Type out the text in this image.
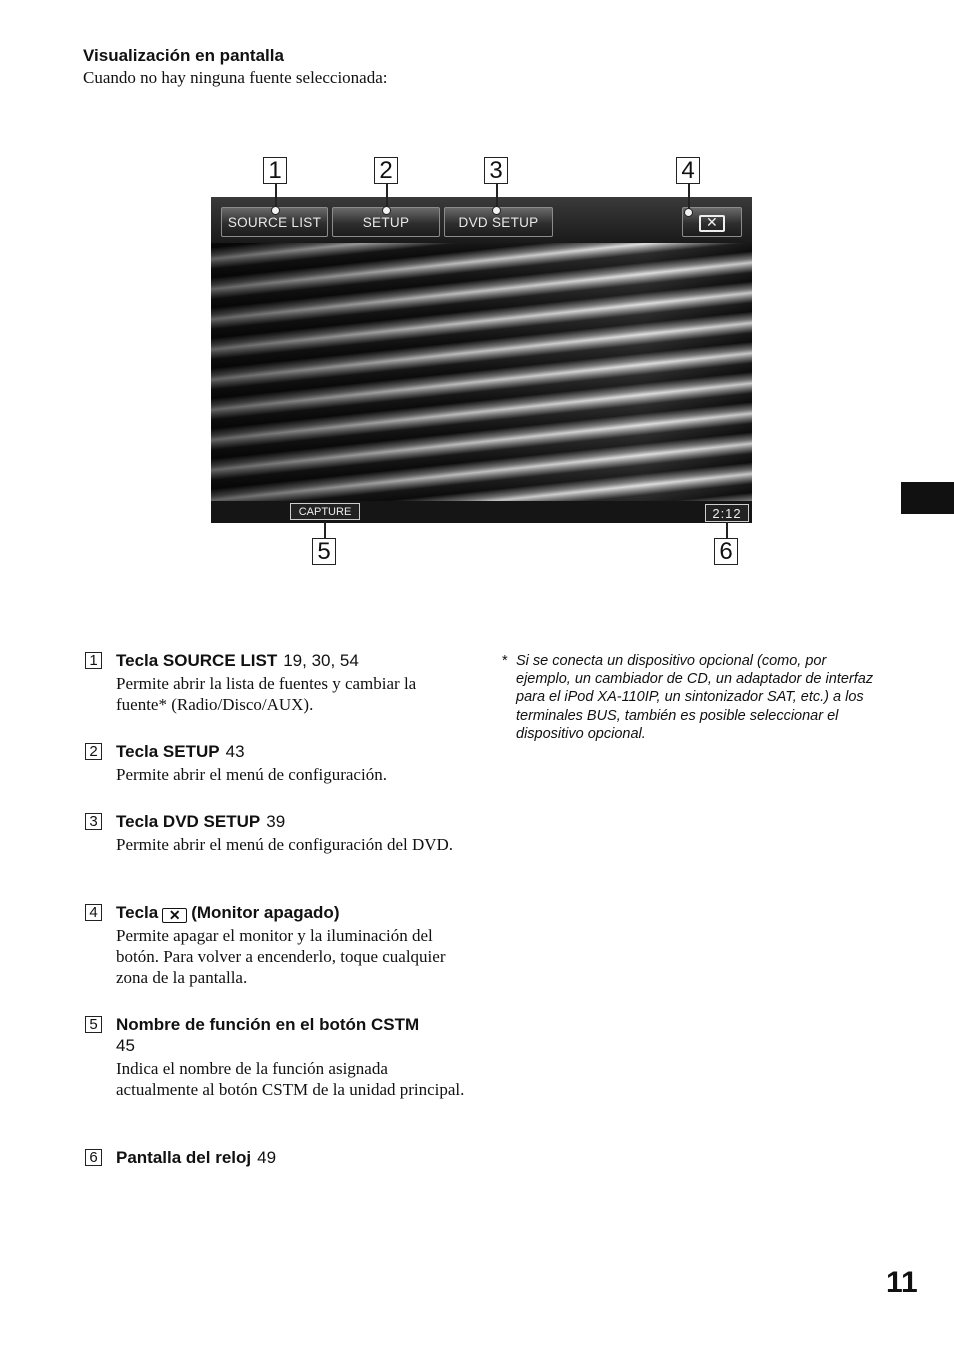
Visualización en pantalla
Cuando no hay ninguna fuente seleccionada:
SOURCE LIST	SETUP	DVD SETUP	✕
CAPTURE	2:12
1	2	3	4
5	6
1 Tecla SOURCE LIST 19, 30, 54
Permite abrir la lista de fuentes y cambiar la fuente* (Radio/Disco/AUX).
2 Tecla SETUP 43
Permite abrir el menú de configuración.
3 Tecla DVD SETUP 39
Permite abrir el menú de configuración del DVD.
4 Tecla ✕ (Monitor apagado)
Permite apagar el monitor y la iluminación del botón. Para volver a encenderlo, toque cualquier zona de la pantalla.
5 Nombre de función en el botón CSTM
45
Indica el nombre de la función asignada actualmente al botón CSTM de la unidad principal.
6 Pantalla del reloj 49
* Si se conecta un dispositivo opcional (como, por ejemplo, un cambiador de CD, un adaptador de interfaz para el iPod XA-110IP, un sintonizador SAT, etc.) a los terminales BUS, también es posible seleccionar el dispositivo opcional.
11
